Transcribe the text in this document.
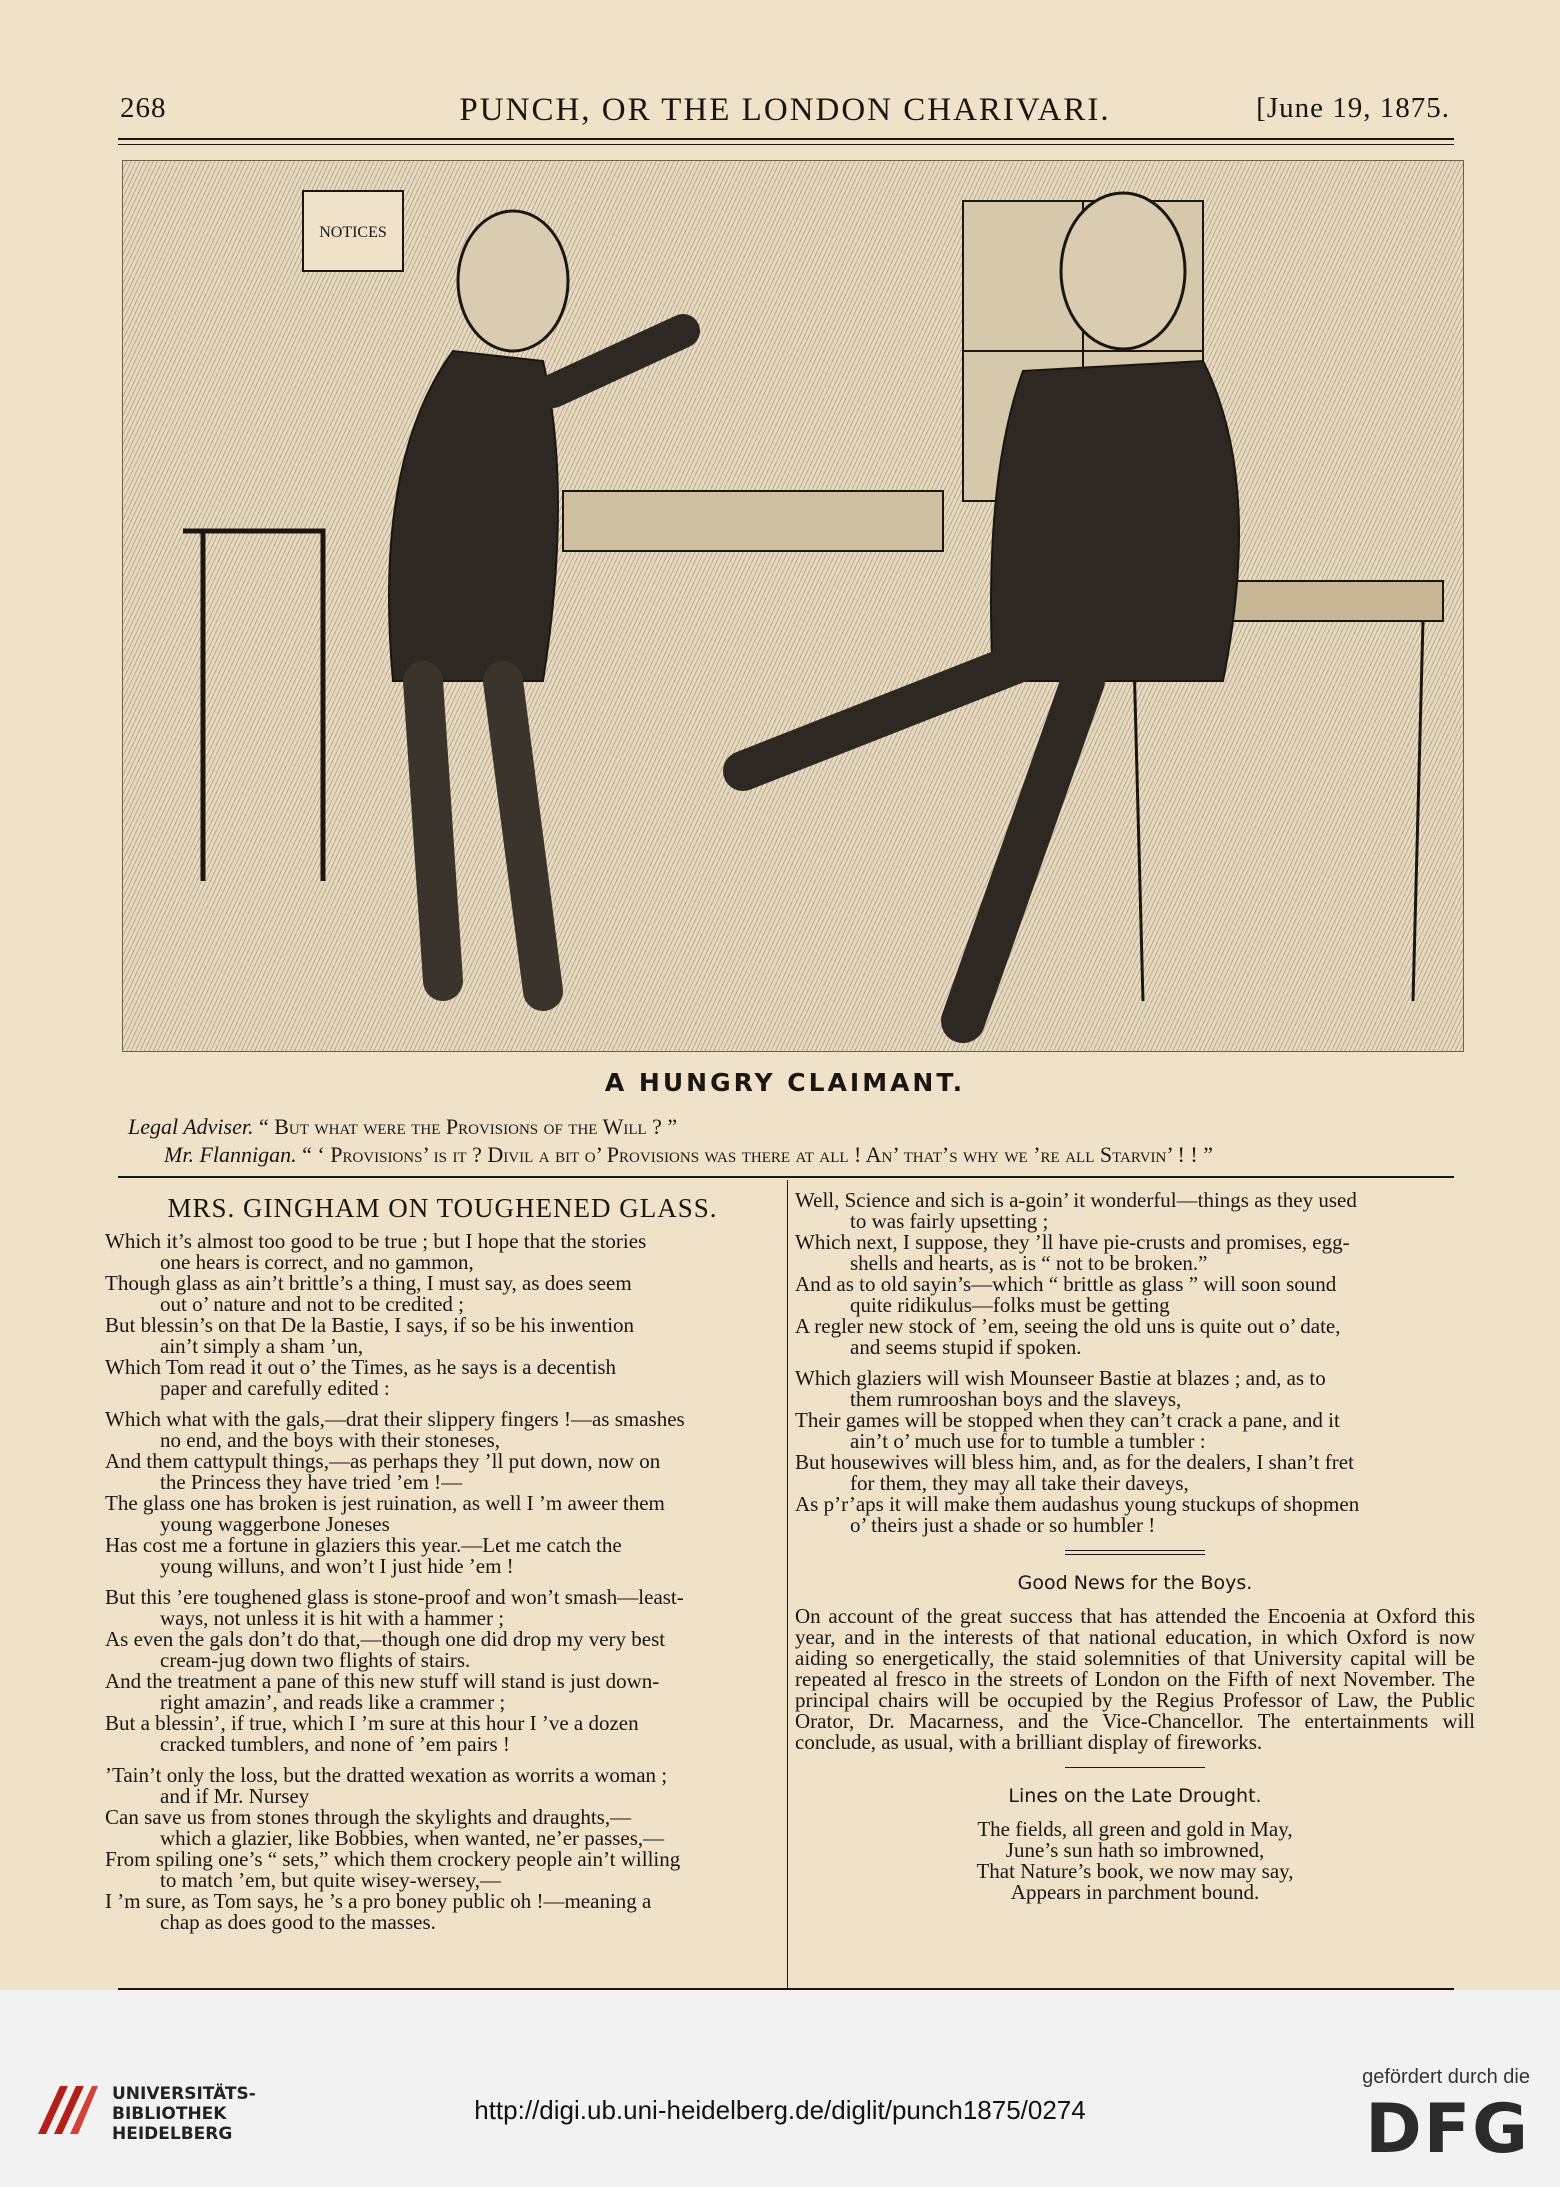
268	PUNCH, OR THE LONDON CHARIVARI.	[June 19, 1875.
NOTICES
A HUNGRY CLAIMANT.
Legal Adviser. “ But what were the Provisions of the Will ? ”
Mr. Flannigan. “ ‘ Provisions’ is it ? Divil a bit o’ Provisions was there at all ! An’ that’s why we ’re all Starvin’ ! ! ”
MRS. GINGHAM ON TOUGHENED GLASS.

Which it’s almost too good to be true ; but I hope that the stories

one hears is correct, and no gammon,

Though glass as ain’t brittle’s a thing, I must say, as does seem

out o’ nature and not to be credited ;

But blessin’s on that De la Bastie, I says, if so be his inwention

ain’t simply a sham ’un,

Which Tom read it out o’ the Times, as he says is a decentish

paper and carefully edited :

Which what with the gals,—drat their slippery fingers !—as smashes

no end, and the boys with their stoneses,

And them cattypult things,—as perhaps they ’ll put down, now on

the Princess they have tried ’em !—

The glass one has broken is jest ruination, as well I ’m aweer them

young waggerbone Joneses

Has cost me a fortune in glaziers this year.—Let me catch the

young willuns, and won’t I just hide ’em !

But this ’ere toughened glass is stone-proof and won’t smash—least-

ways, not unless it is hit with a hammer ;

As even the gals don’t do that,—though one did drop my very best

cream-jug down two flights of stairs.

And the treatment a pane of this new stuff will stand is just down-

right amazin’, and reads like a crammer ;

But a blessin’, if true, which I ’m sure at this hour I ’ve a dozen

cracked tumblers, and none of ’em pairs !

’Tain’t only the loss, but the dratted wexation as worrits a woman ;

and if Mr. Nursey

Can save us from stones through the skylights and draughts,—

which a glazier, like Bobbies, when wanted, ne’er passes,—

From spiling one’s “ sets,” which them crockery people ain’t willing

to match ’em, but quite wisey-wersey,—

I ’m sure, as Tom says, he ’s a pro boney public oh !—meaning a

chap as does good to the masses.

Well, Science and sich is a-goin’ it wonderful—things as they used

to was fairly upsetting ;

Which next, I suppose, they ’ll have pie-crusts and promises, egg-

shells and hearts, as is “ not to be broken.”

And as to old sayin’s—which “ brittle as glass ” will soon sound

quite ridikulus—folks must be getting

A regler new stock of ’em, seeing the old uns is quite out o’ date,

and seems stupid if spoken.

Which glaziers will wish Mounseer Bastie at blazes ; and, as to

them rumrooshan boys and the slaveys,

Their games will be stopped when they can’t crack a pane, and it

ain’t o’ much use for to tumble a tumbler :

But housewives will bless him, and, as for the dealers, I shan’t fret

for them, they may all take their daveys,

As p’r’aps it will make them audashus young stuckups of shopmen

o’ theirs just a shade or so humbler !

Good News for the Boys.

On account of the great success that has attended the Encoenia at Oxford this year, and in the interests of that national education, in which Oxford is now aiding so energetically, the staid solemnities of that University capital will be repeated al fresco in the streets of London on the Fifth of next November. The principal chairs will be occupied by the Regius Professor of Law, the Public Orator, Dr. Macarness, and the Vice-Chancellor. The entertainments will conclude, as usual, with a brilliant display of fireworks.

Lines on the Late Drought.

The fields, all green and gold in May,

June’s sun hath so imbrowned,

That Nature’s book, we now may say,

Appears in parchment bound.

UNIVERSITÄTS-
BIBLIOTHEK
HEIDELBERG
http://digi.ub.uni-heidelberg.de/diglit/punch1875/0274
gefördert durch die
DFG
